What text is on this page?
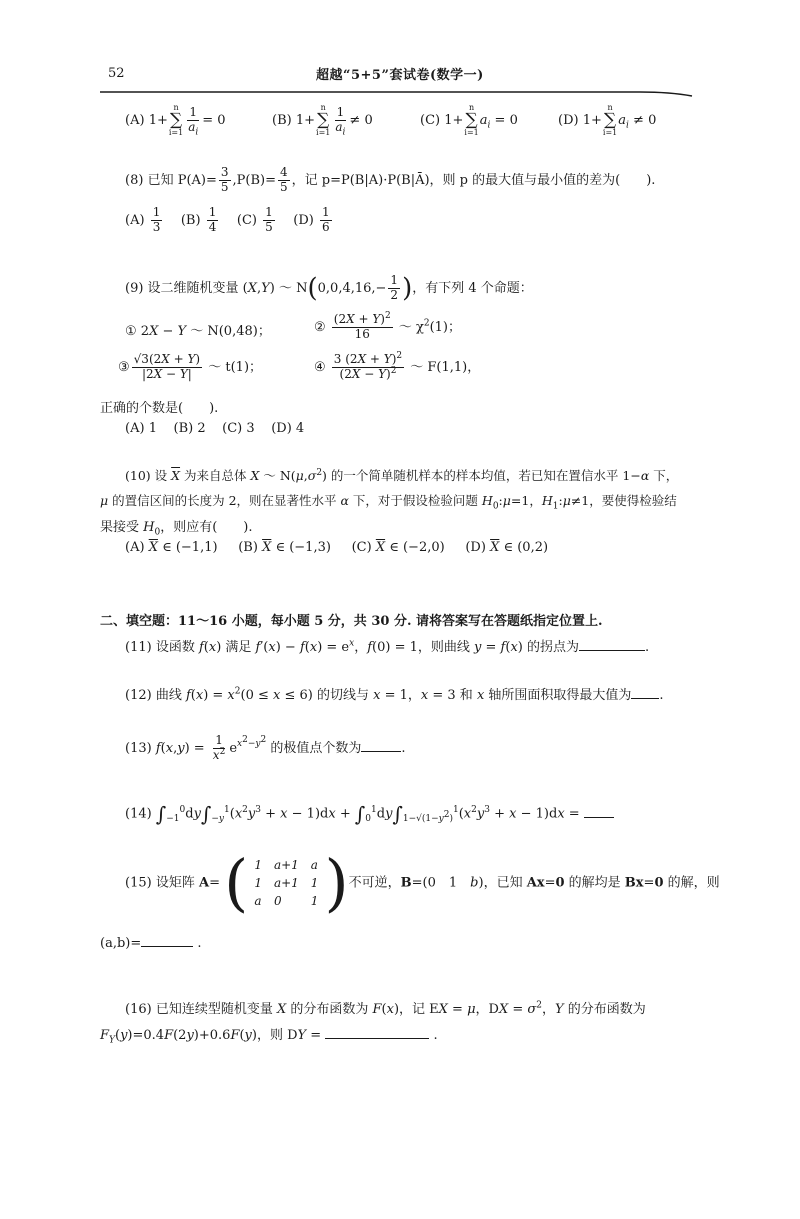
52	超越“5+5”套试卷(数学一)
(A) 1+
n
∑
$i=1 \frac{1}{a_i} = 0$	(B) 1+
n
∑
$i=1 \frac{1}{a_i} \ne 0$	(C) 1+
n
∑
i=1
$a_i = 0$	(D) 1+
n
∑
i=1
$a_i \ne 0$
(8) 已知 $P(A)= \frac{3}{5} ,P(B)= \frac{4}{5}$ ，记 p=P(B|A)·P(B|Ā)，则 p 的最大值与最小值的差为(　　).
$(A) \frac{1}{3} (B) \frac{1}{4} (C) \frac{1}{5} (D) \frac{1}{6}$
(9) 设二维随机变量 (X,Y) ～ $N(0,0,4,16,- \frac{1}{2}$ )，有下列 4 个命题：
① 2X − Y ～ N(0,48)；	② $\frac{(2X + Y)^2}{16}$ ～ $\chi^2(1)$；
③ $\frac{√3(2X + Y)}{|2X - Y|}$ ～ t(1)；	④ $\frac{3 (2X + Y)^2}{(2X - Y)^2}$ ～ F(1,1)，
正确的个数是(　　).
(A) 1 (B) 2 (C) 3 (D) 4
(10) 设 $\overline{X}$ 为来自总体 X ～ $N(\mu,\sigma^2)$ 的一个简单随机样本的样本均值，若已知在置信水平 1−α 下，
μ 的置信区间的长度为 2，则在显著性水平 α 下，对于假设检验问题 $H_0:\mu=1$，$H_1:\mu\ne 1$，要使得检验结
果接受 $H_0$，则应有(　　).
(A) $\overline{X}$ ∈ (−1,1)     (B) $\overline{X}$ ∈ (−1,3)     (C) $\overline{X}$ ∈ (−2,0)     (D) $\overline{X}$ ∈ (0,2)
二、填空题：11～16 小题，每小题 5 分，共 30 分. 请将答案写在答题纸指定位置上.
(11) 设函数 f(x) 满足 $f'(x) - f(x) = e^x$，f(0) = 1，则曲线 y = f(x) 的拐点为	.
(12) 曲线 $f(x) = x^2(0 \le x \le 6)$ 的切线与 x = 1，x = 3 和 x 轴所围面积取得最大值为 .
(13) $f(x,y) = \frac{1}{x^2} e^{x^2-y^2}$ 的极值点个数为	.
(14) $\int_{-1}^0dy\int_{-y}^1(x^2y^3 + x - 1)dx + \int_0^1dy\int_{1-√(1-y^2)}^1(x^2y^3 + x - 1)dx$ =
(15) 设矩阵 A= ( 1	a+1	a
1	a+1	1
a	0	1 ) 不可逆，B=(0　1　b)，已知 Ax=0 的解均是 Bx=0 的解，则
(a,b)=	.
(16) 已知连续型随机变量 X 的分布函数为 F(x)，记 EX = μ，DX = $\sigma^2$，Y 的分布函数为
$F_Y(y)=0.4F(2y)+0.6F(y)$，则 DY =	.
